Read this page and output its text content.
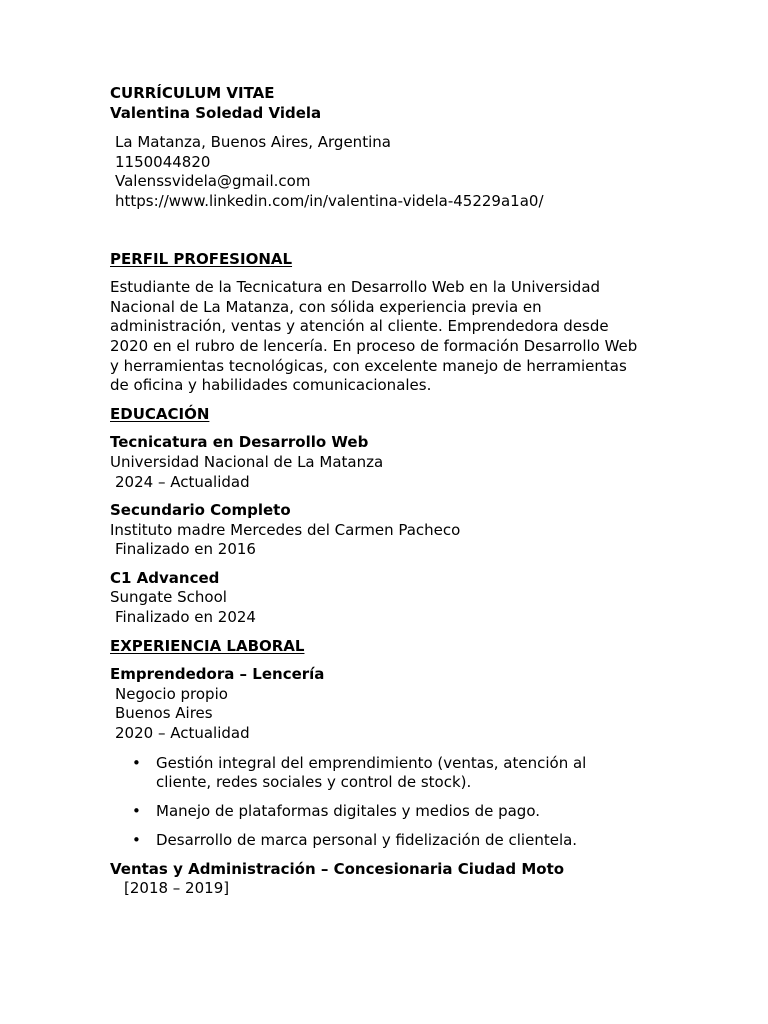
CURRÍCULUM VITAE
Valentina Soledad Videla
La Matanza, Buenos Aires, Argentina
1150044820
Valenssvidela@gmail.com
https://www.linkedin.com/in/valentina-videla-45229a1a0/
PERFIL PROFESIONAL
Estudiante de la Tecnicatura en Desarrollo Web en la Universidad
Nacional de La Matanza, con sólida experiencia previa en
administración, ventas y atención al cliente. Emprendedora desde
2020 en el rubro de lencería. En proceso de formación Desarrollo Web
y herramientas tecnológicas, con excelente manejo de herramientas
de oficina y habilidades comunicacionales.
EDUCACIÓN
Tecnicatura en Desarrollo Web
Universidad Nacional de La Matanza
2024 – Actualidad
Secundario Completo
Instituto madre Mercedes del Carmen Pacheco
Finalizado en 2016
C1 Advanced
Sungate School
Finalizado en 2024
EXPERIENCIA LABORAL
Emprendedora – Lencería
Negocio propio
Buenos Aires
2020 – Actualidad
• Gestión integral del emprendimiento (ventas, atención al
cliente, redes sociales y control de stock).
• Manejo de plataformas digitales y medios de pago.
• Desarrollo de marca personal y fidelización de clientela.
Ventas y Administración – Concesionaria Ciudad Moto
[2018 – 2019]
